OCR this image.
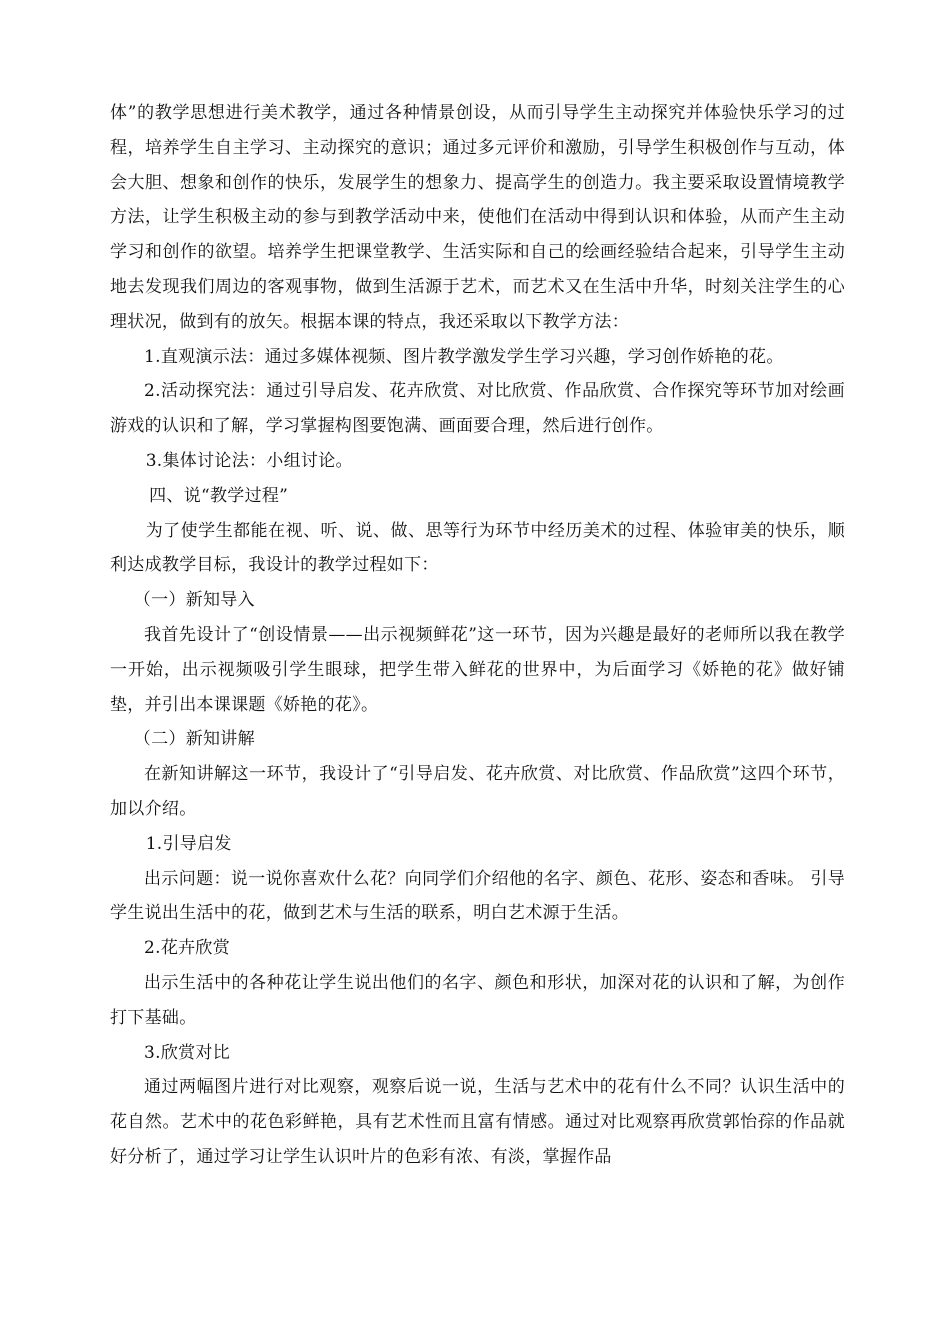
体”的教学思想进行美术教学，通过各种情景创设，从而引导学生主动探究并体验快乐学习的过程，培养学生自主学习、主动探究的意识；通过多元评价和激励，引导学生积极创作与互动，体会大胆、想象和创作的快乐，发展学生的想象力、提高学生的创造力。我主要采取设置情境教学方法，让学生积极主动的参与到教学活动中来，使他们在活动中得到认识和体验，从而产生主动学习和创作的欲望。培养学生把课堂教学、生活实际和自己的绘画经验结合起来，引导学生主动地去发现我们周边的客观事物，做到生活源于艺术，而艺术又在生活中升华，时刻关注学生的心理状况，做到有的放矢。根据本课的特点，我还采取以下教学方法：

1.直观演示法：通过多媒体视频、图片教学激发学生学习兴趣，学习创作娇艳的花。

2.活动探究法：通过引导启发、花卉欣赏、对比欣赏、作品欣赏、合作探究等环节加对绘画游戏的认识和了解，学习掌握构图要饱满、画面要合理，然后进行创作。

3.集体讨论法：小组讨论。

四、说“教学过程”

为了使学生都能在视、听、说、做、思等行为环节中经历美术的过程、体验审美的快乐，顺利达成教学目标，我设计的教学过程如下：

（一）新知导入

我首先设计了“创设情景——出示视频鲜花”这一环节，因为兴趣是最好的老师所以我在教学一开始，出示视频吸引学生眼球，把学生带入鲜花的世界中，为后面学习《娇艳的花》做好铺垫，并引出本课课题《娇艳的花》。

（二）新知讲解

在新知讲解这一环节，我设计了“引导启发、花卉欣赏、对比欣赏、作品欣赏”这四个环节，加以介绍。

1.引导启发

出示问题：说一说你喜欢什么花？向同学们介绍他的名字、颜色、花形、姿态和香味。 引导学生说出生活中的花，做到艺术与生活的联系，明白艺术源于生活。

2.花卉欣赏

出示生活中的各种花让学生说出他们的名字、颜色和形状，加深对花的认识和了解，为创作打下基础。

3.欣赏对比

通过两幅图片进行对比观察，观察后说一说，生活与艺术中的花有什么不同？认识生活中的花自然。艺术中的花色彩鲜艳，具有艺术性而且富有情感。通过对比观察再欣赏郭怡孮的作品就好分析了，通过学习让学生认识叶片的色彩有浓、有淡，掌握作品
